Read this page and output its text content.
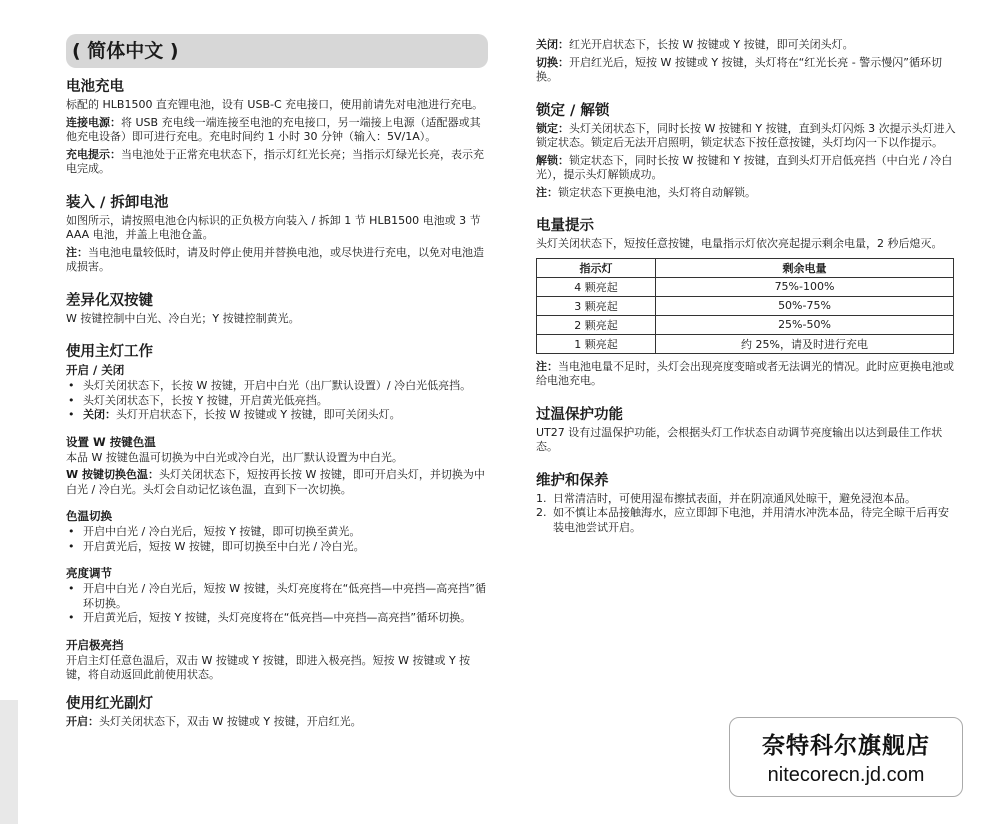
( 简体中文 )
电池充电
标配的 HLB1500 直充锂电池，设有 USB-C 充电接口，使用前请先对电池进行充电。
连接电源：将 USB 充电线一端连接至电池的充电接口，另一端接上电源（适配器或其他充电设备）即可进行充电。充电时间约 1 小时 30 分钟（输入：5V/1A）。
充电提示：当电池处于正常充电状态下，指示灯红光长亮；当指示灯绿光长亮，表示充电完成。
装入 / 拆卸电池
如图所示，请按照电池仓内标识的正负极方向装入 / 拆卸 1 节 HLB1500 电池或 3 节 AAA 电池，并盖上电池仓盖。
注：当电池电量较低时，请及时停止使用并替换电池，或尽快进行充电，以免对电池造成损害。
差异化双按键
W 按键控制中白光、冷白光；Y 按键控制黄光。
使用主灯工作
开启 / 关闭
• 头灯关闭状态下，长按 W 按键，开启中白光（出厂默认设置）/ 冷白光低亮挡。
• 头灯关闭状态下，长按 Y 按键，开启黄光低亮挡。
• 关闭：头灯开启状态下，长按 W 按键或 Y 按键，即可关闭头灯。
设置 W 按键色温
本品 W 按键色温可切换为中白光或冷白光，出厂默认设置为中白光。
W 按键切换色温：头灯关闭状态下，短按再长按 W 按键，即可开启头灯，并切换为中白光 / 冷白光。头灯会自动记忆该色温，直到下一次切换。
色温切换
• 开启中白光 / 冷白光后，短按 Y 按键，即可切换至黄光。
• 开启黄光后，短按 W 按键，即可切换至中白光 / 冷白光。
亮度调节
• 开启中白光 / 冷白光后，短按 W 按键，头灯亮度将在“低亮挡—中亮挡—高亮挡”循环切换。
• 开启黄光后，短按 Y 按键，头灯亮度将在“低亮挡—中亮挡—高亮挡”循环切换。
开启极亮挡
开启主灯任意色温后，双击 W 按键或 Y 按键，即进入极亮挡。短按 W 按键或 Y 按键，将自动返回此前使用状态。
使用红光副灯
开启：头灯关闭状态下，双击 W 按键或 Y 按键，开启红光。
关闭：红光开启状态下，长按 W 按键或 Y 按键，即可关闭头灯。
切换：开启红光后，短按 W 按键或 Y 按键，头灯将在“红光长亮 - 警示慢闪”循环切换。
锁定 / 解锁
锁定：头灯关闭状态下，同时长按 W 按键和 Y 按键，直到头灯闪烁 3 次提示头灯进入锁定状态。锁定后无法开启照明，锁定状态下按任意按键，头灯均闪一下以作提示。
解锁：锁定状态下，同时长按 W 按键和 Y 按键，直到头灯开启低亮挡（中白光 / 冷白光），提示头灯解锁成功。
注：锁定状态下更换电池，头灯将自动解锁。
电量提示
头灯关闭状态下，短按任意按键，电量指示灯依次亮起提示剩余电量，2 秒后熄灭。
指示灯	剩余电量
4 颗亮起	75%-100%
3 颗亮起	50%-75%
2 颗亮起	25%-50%
1 颗亮起	约 25%，请及时进行充电
注：当电池电量不足时，头灯会出现亮度变暗或者无法调光的情况。此时应更换电池或给电池充电。
过温保护功能
UT27 设有过温保护功能，会根据头灯工作状态自动调节亮度输出以达到最佳工作状态。
维护和保养
1. 日常清洁时，可使用湿布擦拭表面，并在阴凉通风处晾干，避免浸泡本品。
2. 如不慎让本品接触海水，应立即卸下电池，并用清水冲洗本品，待完全晾干后再安装电池尝试开启。
奈特科尔旗舰店
nitecorecn.jd.com
